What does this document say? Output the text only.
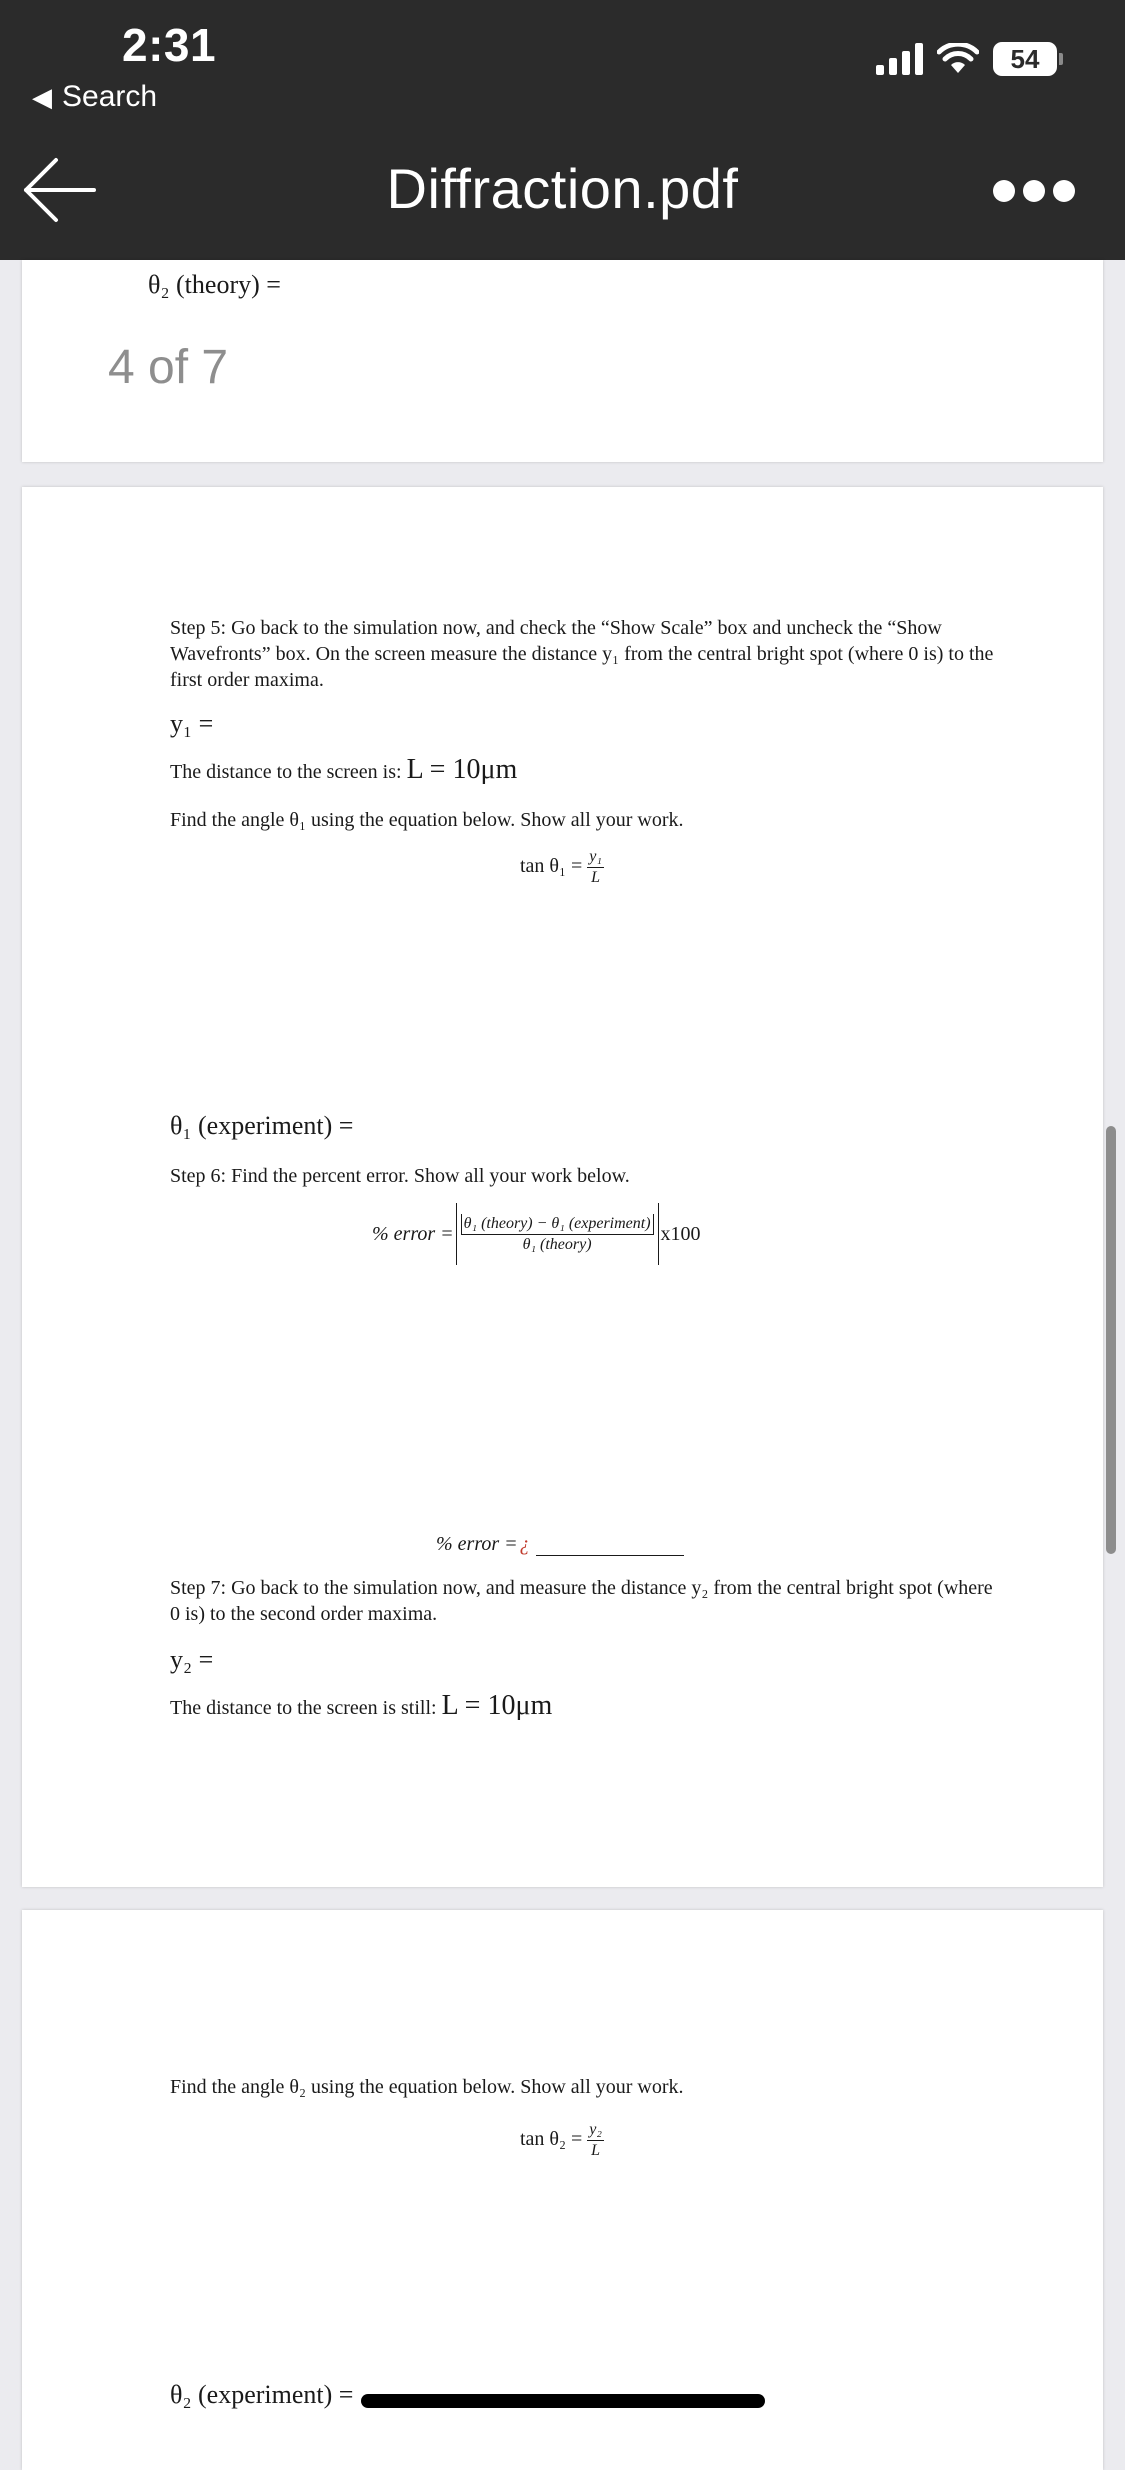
2:31
◀ Search
54
Diffraction.pdf
θ₂ (theory) =
4 of 7
Step 5: Go back to the simulation now, and check the “Show Scale” box and uncheck the “Show Wavefronts” box. On the screen measure the distance y₁ from the central bright spot (where 0 is) to the first order maxima.
y₁ =
The distance to the screen is: L = 10μm
Find the angle θ₁ using the equation below. Show all your work.
$\tan \theta_1 = \frac{\text{y₁}}{L}$
θ₁ (experiment) =
Step 6: Find the percent error. Show all your work below.
% error = $\frac{\text{θ₁ (theory) − θ₁ (experiment)}}{\text{θ₁ (theory)}} x100$
% error = ¿
Step 7: Go back to the simulation now, and measure the distance y₂ from the central bright spot (where 0 is) to the second order maxima.
y₂ =
The distance to the screen is still: L = 10μm
Find the angle θ₂ using the equation below. Show all your work.
$\tan \theta_2 = \frac{\text{y₂}}{L}$
θ₂ (experiment) =
